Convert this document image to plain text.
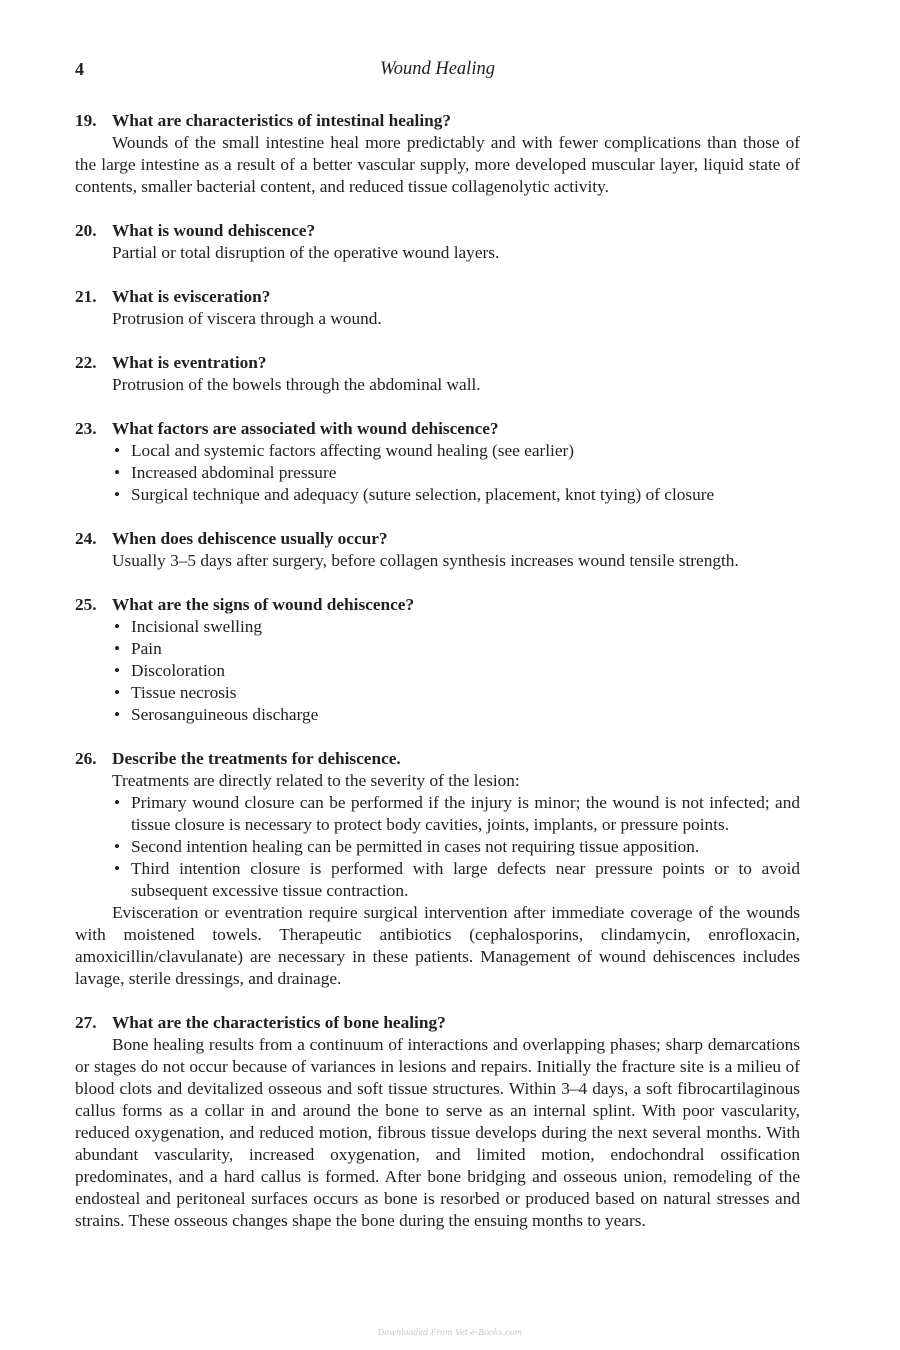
4	Wound Healing
19. What are characteristics of intestinal healing?
Wounds of the small intestine heal more predictably and with fewer complications than those of the large intestine as a result of a better vascular supply, more developed muscular layer, liquid state of contents, smaller bacterial content, and reduced tissue collagenolytic activity.
20. What is wound dehiscence?
Partial or total disruption of the operative wound layers.
21. What is evisceration?
Protrusion of viscera through a wound.
22. What is eventration?
Protrusion of the bowels through the abdominal wall.
23. What factors are associated with wound dehiscence?
• Local and systemic factors affecting wound healing (see earlier)
• Increased abdominal pressure
• Surgical technique and adequacy (suture selection, placement, knot tying) of closure
24. When does dehiscence usually occur?
Usually 3–5 days after surgery, before collagen synthesis increases wound tensile strength.
25. What are the signs of wound dehiscence?
• Incisional swelling
• Pain
• Discoloration
• Tissue necrosis
• Serosanguineous discharge
26. Describe the treatments for dehiscence.
Treatments are directly related to the severity of the lesion:
• Primary wound closure can be performed if the injury is minor; the wound is not infected; and tissue closure is necessary to protect body cavities, joints, implants, or pressure points.
• Second intention healing can be permitted in cases not requiring tissue apposition.
• Third intention closure is performed with large defects near pressure points or to avoid subsequent excessive tissue contraction.
Evisceration or eventration require surgical intervention after immediate coverage of the wounds with moistened towels. Therapeutic antibiotics (cephalosporins, clindamycin, enrofloxacin, amoxicillin/clavulanate) are necessary in these patients. Management of wound dehiscences includes lavage, sterile dressings, and drainage.
27. What are the characteristics of bone healing?
Bone healing results from a continuum of interactions and overlapping phases; sharp demarcations or stages do not occur because of variances in lesions and repairs. Initially the fracture site is a milieu of blood clots and devitalized osseous and soft tissue structures. Within 3–4 days, a soft fibrocartilaginous callus forms as a collar in and around the bone to serve as an internal splint. With poor vascularity, reduced oxygenation, and reduced motion, fibrous tissue develops during the next several months. With abundant vascularity, increased oxygenation, and limited motion, endochondral ossification predominates, and a hard callus is formed. After bone bridging and osseous union, remodeling of the endosteal and peritoneal surfaces occurs as bone is resorbed or produced based on natural stresses and strains. These osseous changes shape the bone during the ensuing months to years.
Downloaded From Vet-e-Books.com
